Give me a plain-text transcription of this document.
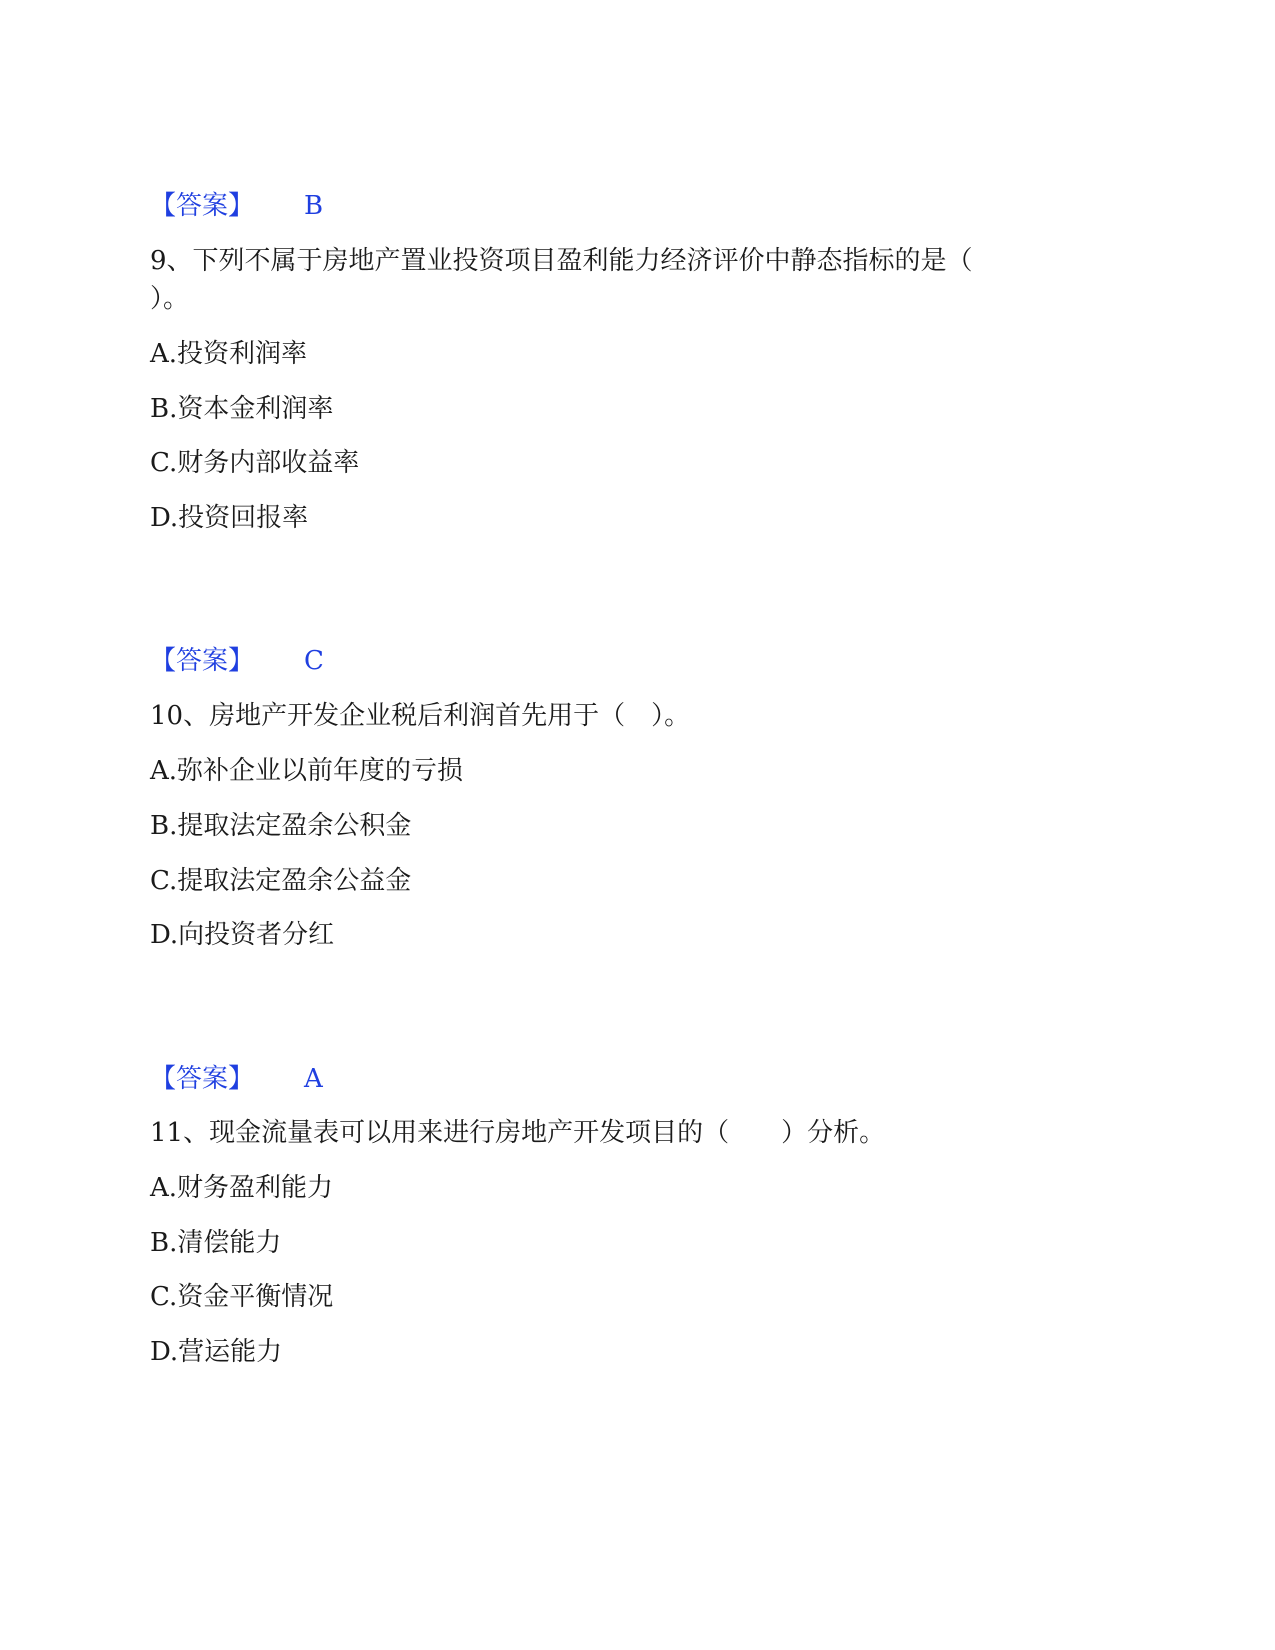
【答案】 B
9、下列不属于房地产置业投资项目盈利能力经济评价中静态指标的是（
）。
A.投资利润率
B.资本金利润率
C.财务内部收益率
D.投资回报率
【答案】 C
10、房地产开发企业税后利润首先用于（　）。
A.弥补企业以前年度的亏损
B.提取法定盈余公积金
C.提取法定盈余公益金
D.向投资者分红
【答案】 A
11、现金流量表可以用来进行房地产开发项目的（　　）分析。
A.财务盈利能力
B.清偿能力
C.资金平衡情况
D.营运能力
